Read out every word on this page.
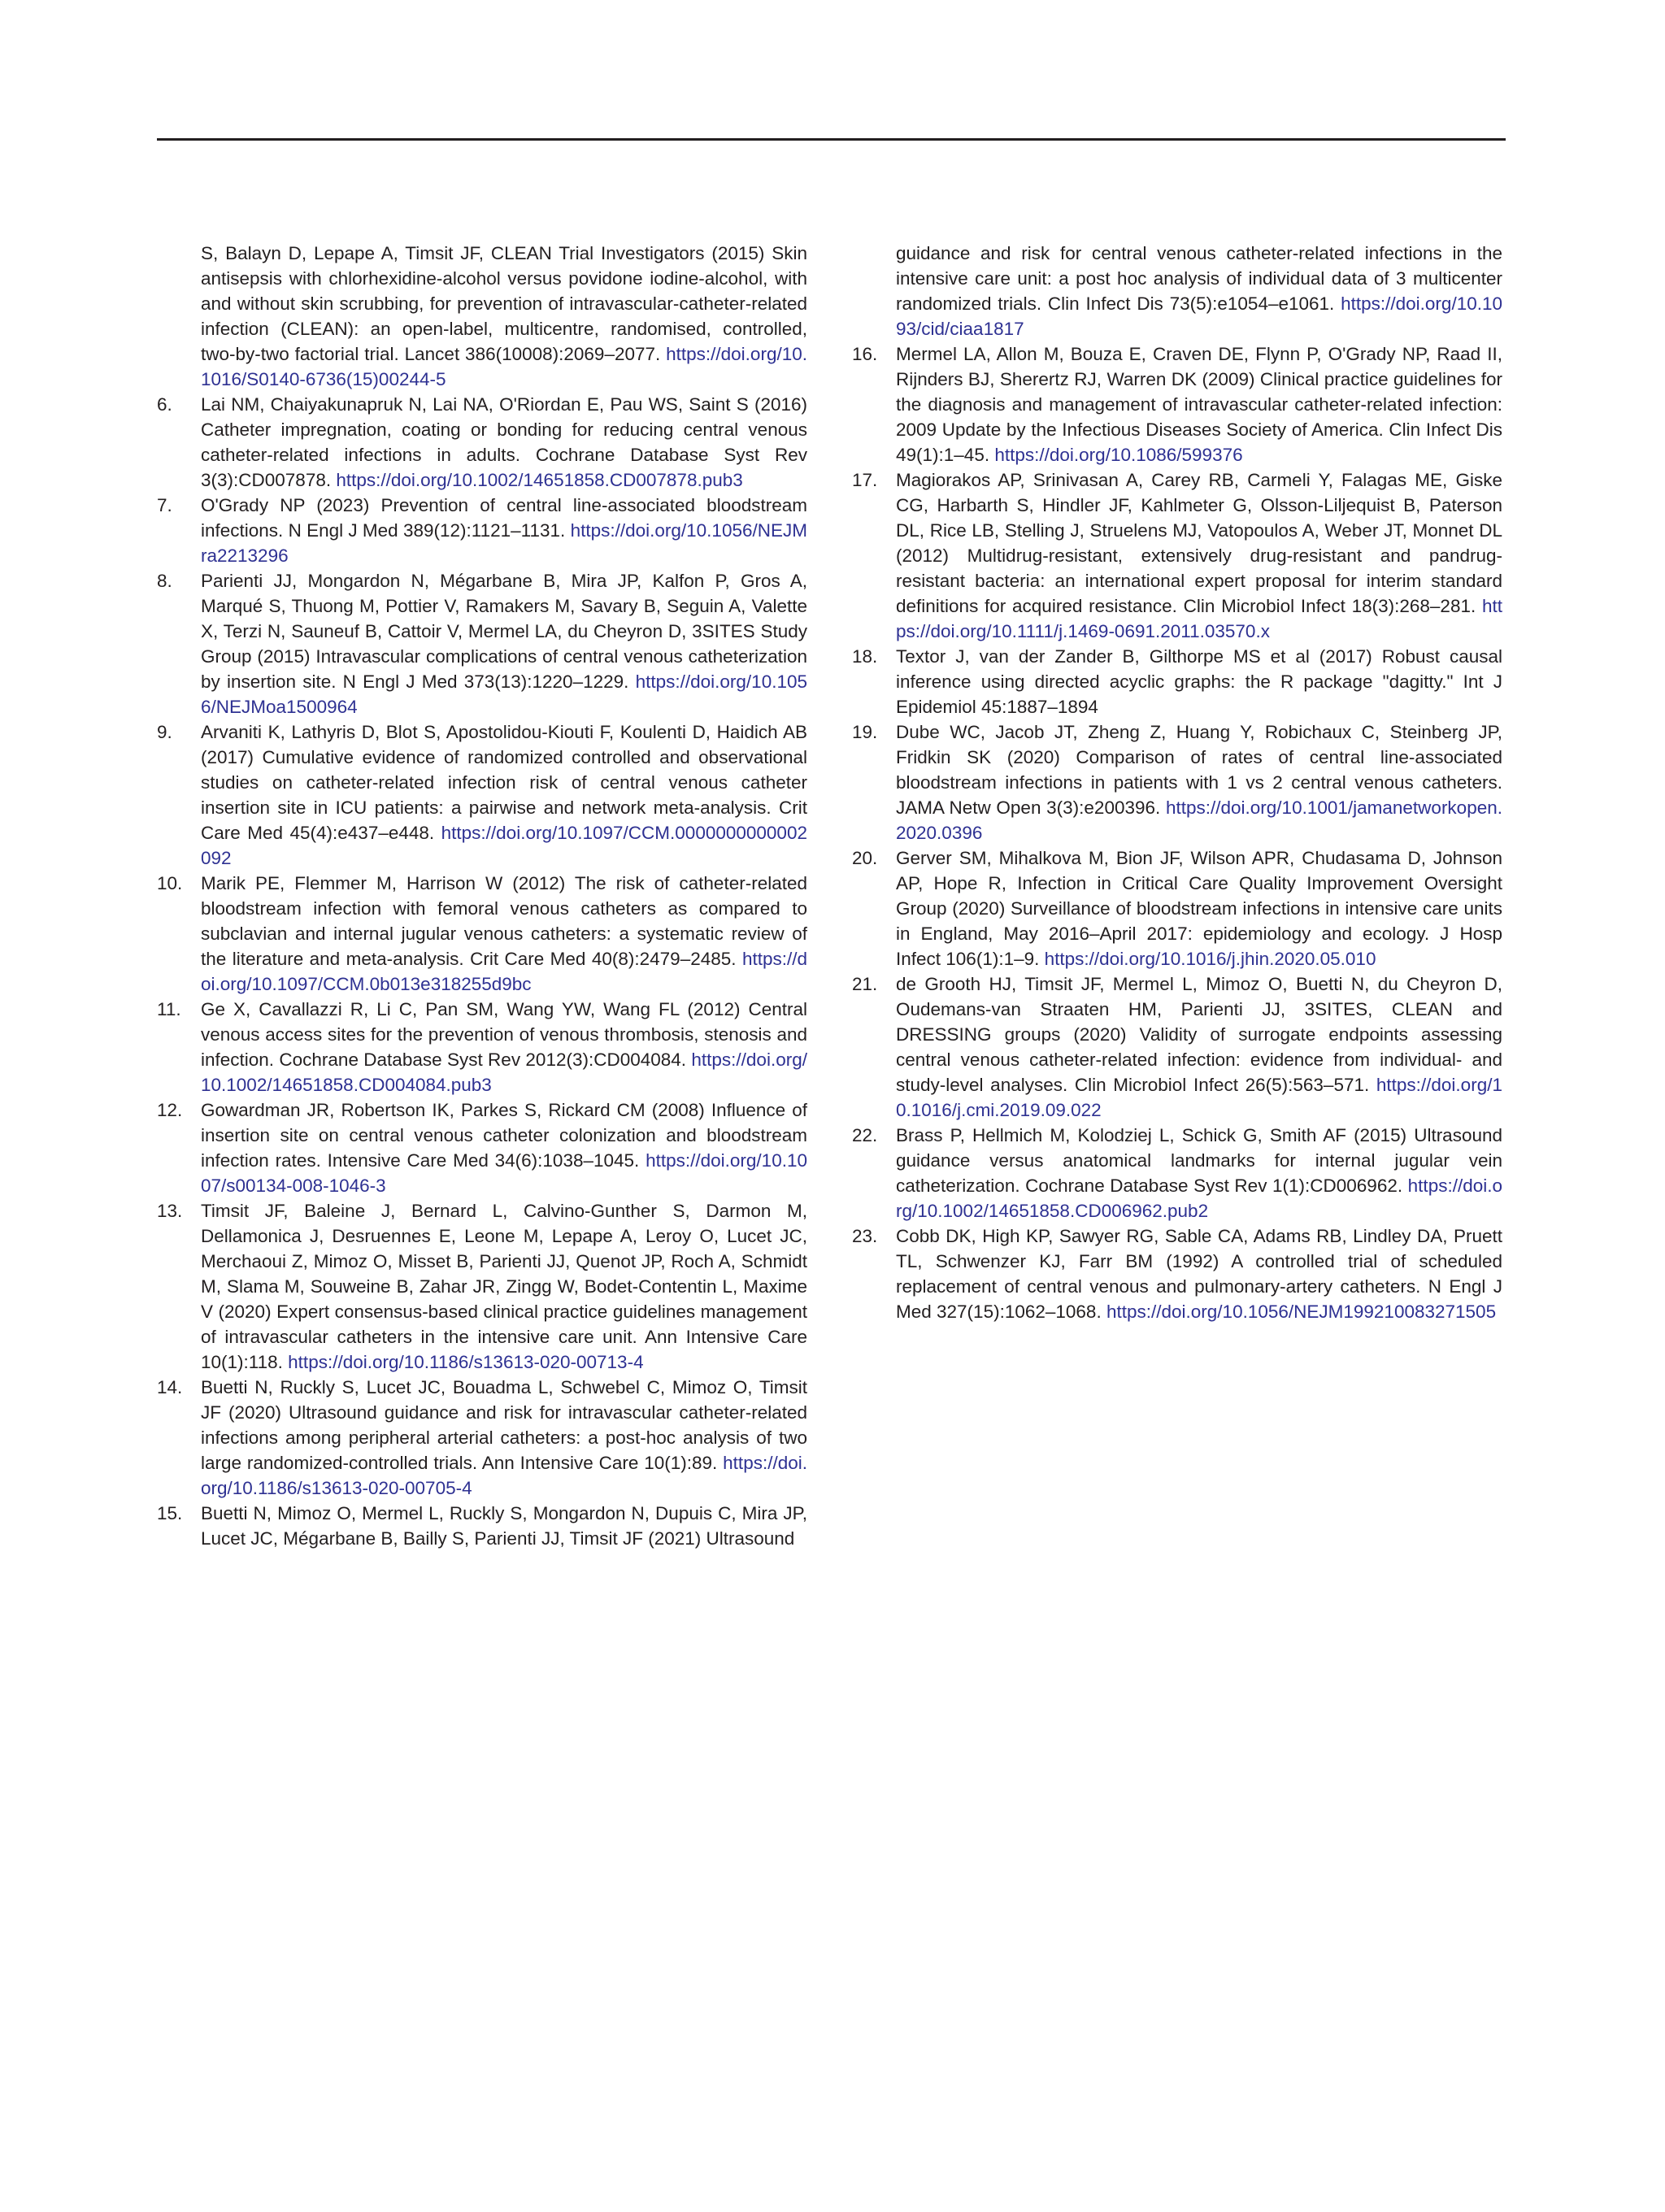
S, Balayn D, Lepape A, Timsit JF, CLEAN Trial Investigators (2015) Skin antisepsis with chlorhexidine-alcohol versus povidone iodine-alcohol, with and without skin scrubbing, for prevention of intravascular-catheter-related infection (CLEAN): an open-label, multicentre, randomised, controlled, two-by-two factorial trial. Lancet 386(10008):2069–2077. https://doi.org/10.1016/S0140-6736(15)00244-5
6.	Lai NM, Chaiyakunapruk N, Lai NA, O'Riordan E, Pau WS, Saint S (2016) Catheter impregnation, coating or bonding for reducing central venous catheter-related infections in adults. Cochrane Database Syst Rev 3(3):CD007878. https://doi.org/10.1002/14651858.CD007878.pub3
7.	O'Grady NP (2023) Prevention of central line-associated bloodstream infections. N Engl J Med 389(12):1121–1131. https://doi.org/10.1056/NEJMra2213296
8.	Parienti JJ, Mongardon N, Mégarbane B, Mira JP, Kalfon P, Gros A, Marqué S, Thuong M, Pottier V, Ramakers M, Savary B, Seguin A, Valette X, Terzi N, Sauneuf B, Cattoir V, Mermel LA, du Cheyron D, 3SITES Study Group (2015) Intravascular complications of central venous catheterization by insertion site. N Engl J Med 373(13):1220–1229. https://doi.org/10.1056/NEJMoa1500964
9.	Arvaniti K, Lathyris D, Blot S, Apostolidou-Kiouti F, Koulenti D, Haidich AB (2017) Cumulative evidence of randomized controlled and observational studies on catheter-related infection risk of central venous catheter insertion site in ICU patients: a pairwise and network meta-analysis. Crit Care Med 45(4):e437–e448. https://doi.org/10.1097/CCM.0000000000002092
10.	Marik PE, Flemmer M, Harrison W (2012) The risk of catheter-related bloodstream infection with femoral venous catheters as compared to subclavian and internal jugular venous catheters: a systematic review of the literature and meta-analysis. Crit Care Med 40(8):2479–2485. https://doi.org/10.1097/CCM.0b013e318255d9bc
11.	Ge X, Cavallazzi R, Li C, Pan SM, Wang YW, Wang FL (2012) Central venous access sites for the prevention of venous thrombosis, stenosis and infection. Cochrane Database Syst Rev 2012(3):CD004084. https://doi.org/10.1002/14651858.CD004084.pub3
12.	Gowardman JR, Robertson IK, Parkes S, Rickard CM (2008) Influence of insertion site on central venous catheter colonization and bloodstream infection rates. Intensive Care Med 34(6):1038–1045. https://doi.org/10.1007/s00134-008-1046-3
13.	Timsit JF, Baleine J, Bernard L, Calvino-Gunther S, Darmon M, Dellamonica J, Desruennes E, Leone M, Lepape A, Leroy O, Lucet JC, Merchaoui Z, Mimoz O, Misset B, Parienti JJ, Quenot JP, Roch A, Schmidt M, Slama M, Souweine B, Zahar JR, Zingg W, Bodet-Contentin L, Maxime V (2020) Expert consensus-based clinical practice guidelines management of intravascular catheters in the intensive care unit. Ann Intensive Care 10(1):118. https://doi.org/10.1186/s13613-020-00713-4
14.	Buetti N, Ruckly S, Lucet JC, Bouadma L, Schwebel C, Mimoz O, Timsit JF (2020) Ultrasound guidance and risk for intravascular catheter-related infections among peripheral arterial catheters: a post-hoc analysis of two large randomized-controlled trials. Ann Intensive Care 10(1):89. https://doi.org/10.1186/s13613-020-00705-4
15.	Buetti N, Mimoz O, Mermel L, Ruckly S, Mongardon N, Dupuis C, Mira JP, Lucet JC, Mégarbane B, Bailly S, Parienti JJ, Timsit JF (2021) Ultrasound
guidance and risk for central venous catheter-related infections in the intensive care unit: a post hoc analysis of individual data of 3 multicenter randomized trials. Clin Infect Dis 73(5):e1054–e1061. https://doi.org/10.1093/cid/ciaa1817
16.	Mermel LA, Allon M, Bouza E, Craven DE, Flynn P, O'Grady NP, Raad II, Rijnders BJ, Sherertz RJ, Warren DK (2009) Clinical practice guidelines for the diagnosis and management of intravascular catheter-related infection: 2009 Update by the Infectious Diseases Society of America. Clin Infect Dis 49(1):1–45. https://doi.org/10.1086/599376
17.	Magiorakos AP, Srinivasan A, Carey RB, Carmeli Y, Falagas ME, Giske CG, Harbarth S, Hindler JF, Kahlmeter G, Olsson-Liljequist B, Paterson DL, Rice LB, Stelling J, Struelens MJ, Vatopoulos A, Weber JT, Monnet DL (2012) Multidrug-resistant, extensively drug-resistant and pandrug-resistant bacteria: an international expert proposal for interim standard definitions for acquired resistance. Clin Microbiol Infect 18(3):268–281. https://doi.org/10.1111/j.1469-0691.2011.03570.x
18.	Textor J, van der Zander B, Gilthorpe MS et al (2017) Robust causal inference using directed acyclic graphs: the R package "dagitty." Int J Epidemiol 45:1887–1894
19.	Dube WC, Jacob JT, Zheng Z, Huang Y, Robichaux C, Steinberg JP, Fridkin SK (2020) Comparison of rates of central line-associated bloodstream infections in patients with 1 vs 2 central venous catheters. JAMA Netw Open 3(3):e200396. https://doi.org/10.1001/jamanetworkopen.2020.0396
20.	Gerver SM, Mihalkova M, Bion JF, Wilson APR, Chudasama D, Johnson AP, Hope R, Infection in Critical Care Quality Improvement Oversight Group (2020) Surveillance of bloodstream infections in intensive care units in England, May 2016–April 2017: epidemiology and ecology. J Hosp Infect 106(1):1–9. https://doi.org/10.1016/j.jhin.2020.05.010
21.	de Grooth HJ, Timsit JF, Mermel L, Mimoz O, Buetti N, du Cheyron D, Oudemans-van Straaten HM, Parienti JJ, 3SITES, CLEAN and DRESSING groups (2020) Validity of surrogate endpoints assessing central venous catheter-related infection: evidence from individual- and study-level analyses. Clin Microbiol Infect 26(5):563–571. https://doi.org/10.1016/j.cmi.2019.09.022
22.	Brass P, Hellmich M, Kolodziej L, Schick G, Smith AF (2015) Ultrasound guidance versus anatomical landmarks for internal jugular vein catheterization. Cochrane Database Syst Rev 1(1):CD006962. https://doi.org/10.1002/14651858.CD006962.pub2
23.	Cobb DK, High KP, Sawyer RG, Sable CA, Adams RB, Lindley DA, Pruett TL, Schwenzer KJ, Farr BM (1992) A controlled trial of scheduled replacement of central venous and pulmonary-artery catheters. N Engl J Med 327(15):1062–1068. https://doi.org/10.1056/NEJM199210083271505
